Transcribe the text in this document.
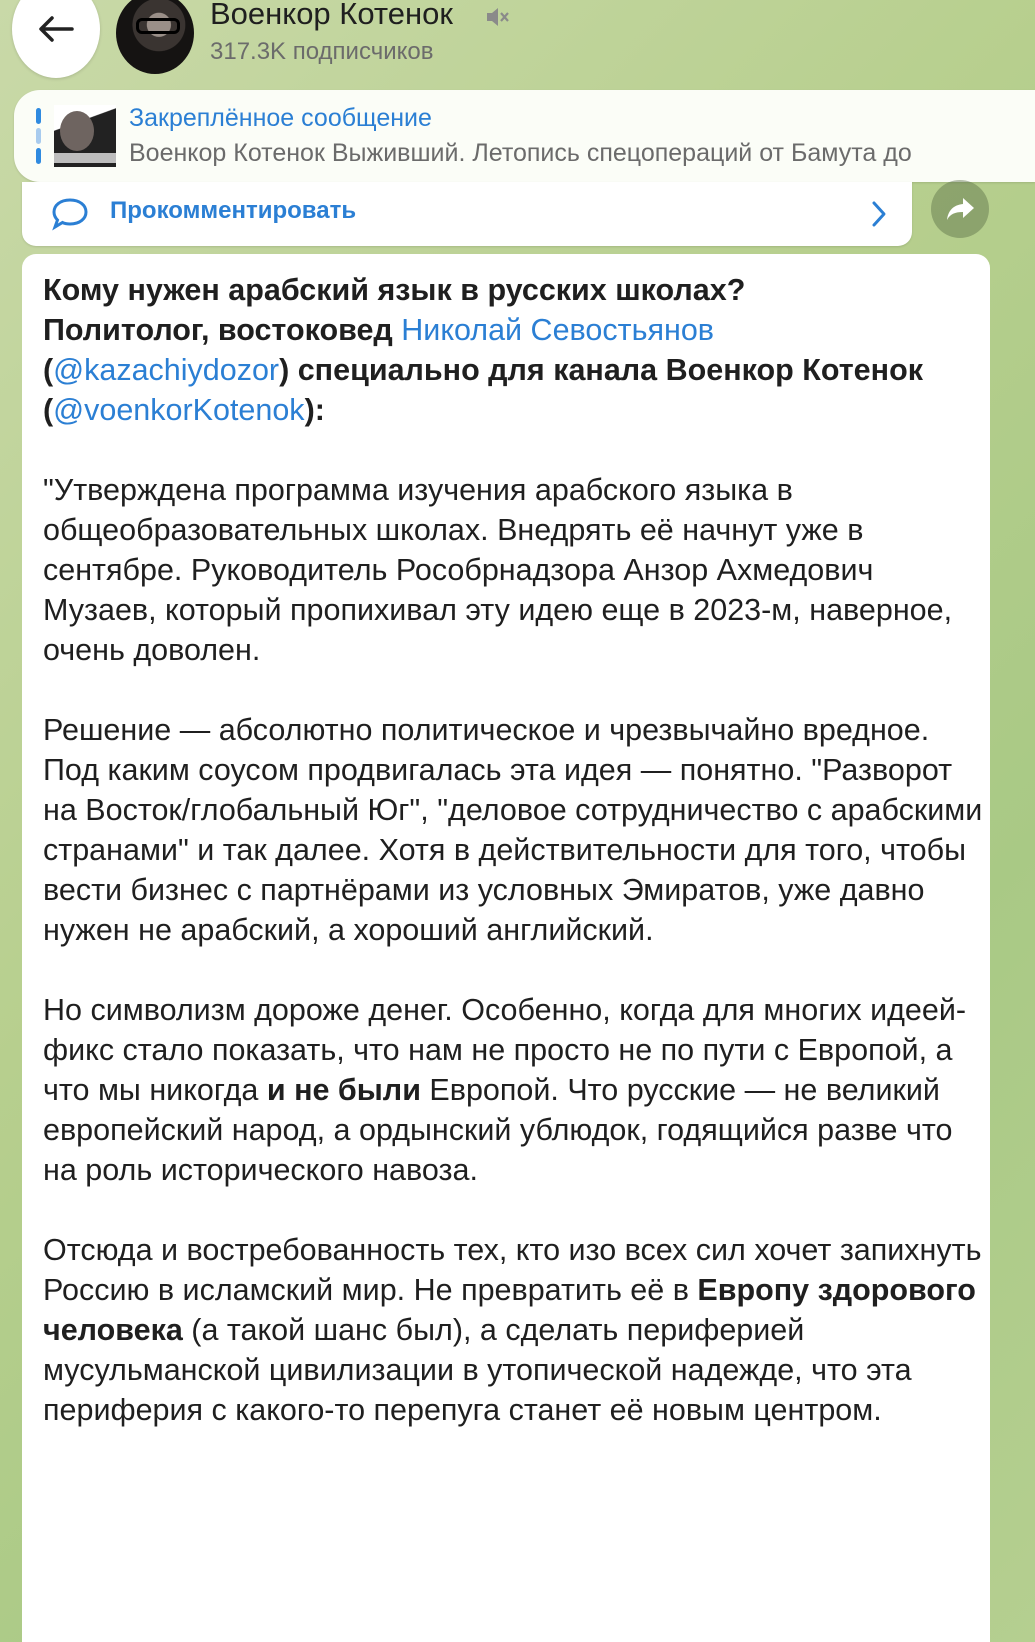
Военкор Котенок
317.3K подписчиков
Закреплённое сообщение
Военкор Котенок Выживший. Летопись спецопераций от Бамута до
Прокомментировать

Кому нужен арабский язык в русских школах?
Политолог, востоковед Николай Севостьянов
(@kazachiydozor) специально для канала Военкор Котенок (@voenkorKotenok):

"Утверждена программа изучения арабского языка в общеобразовательных школах. Внедрять её начнут уже в сентябре. Руководитель Рособрнадзора Анзор Ахмедович Музаев, который пропихивал эту идею еще в 2023-м, наверное, очень доволен.

Решение — абсолютно политическое и чрезвычайно вредное. Под каким соусом продвигалась эта идея — понятно. "Разворот на Восток/глобальный Юг", "деловое сотрудничество с арабскими странами" и так далее. Хотя в действительности для того, чтобы вести бизнес с партнёрами из условных Эмиратов, уже давно нужен не арабский, а хороший английский.

Но символизм дороже денег. Особенно, когда для многих идеей-фикс стало показать, что нам не просто не по пути с Европой, а что мы никогда и не были Европой. Что русские — не великий европейский народ, а ордынский ублюдок, годящийся разве что на роль исторического навоза.

Отсюда и востребованность тех, кто изо всех сил хочет запихнуть Россию в исламский мир. Не превратить её в Европу здорового человека (а такой шанс был), а сделать периферией мусульманской цивилизации в утопической надежде, что эта периферия с какого-то перепуга станет её новым центром.
